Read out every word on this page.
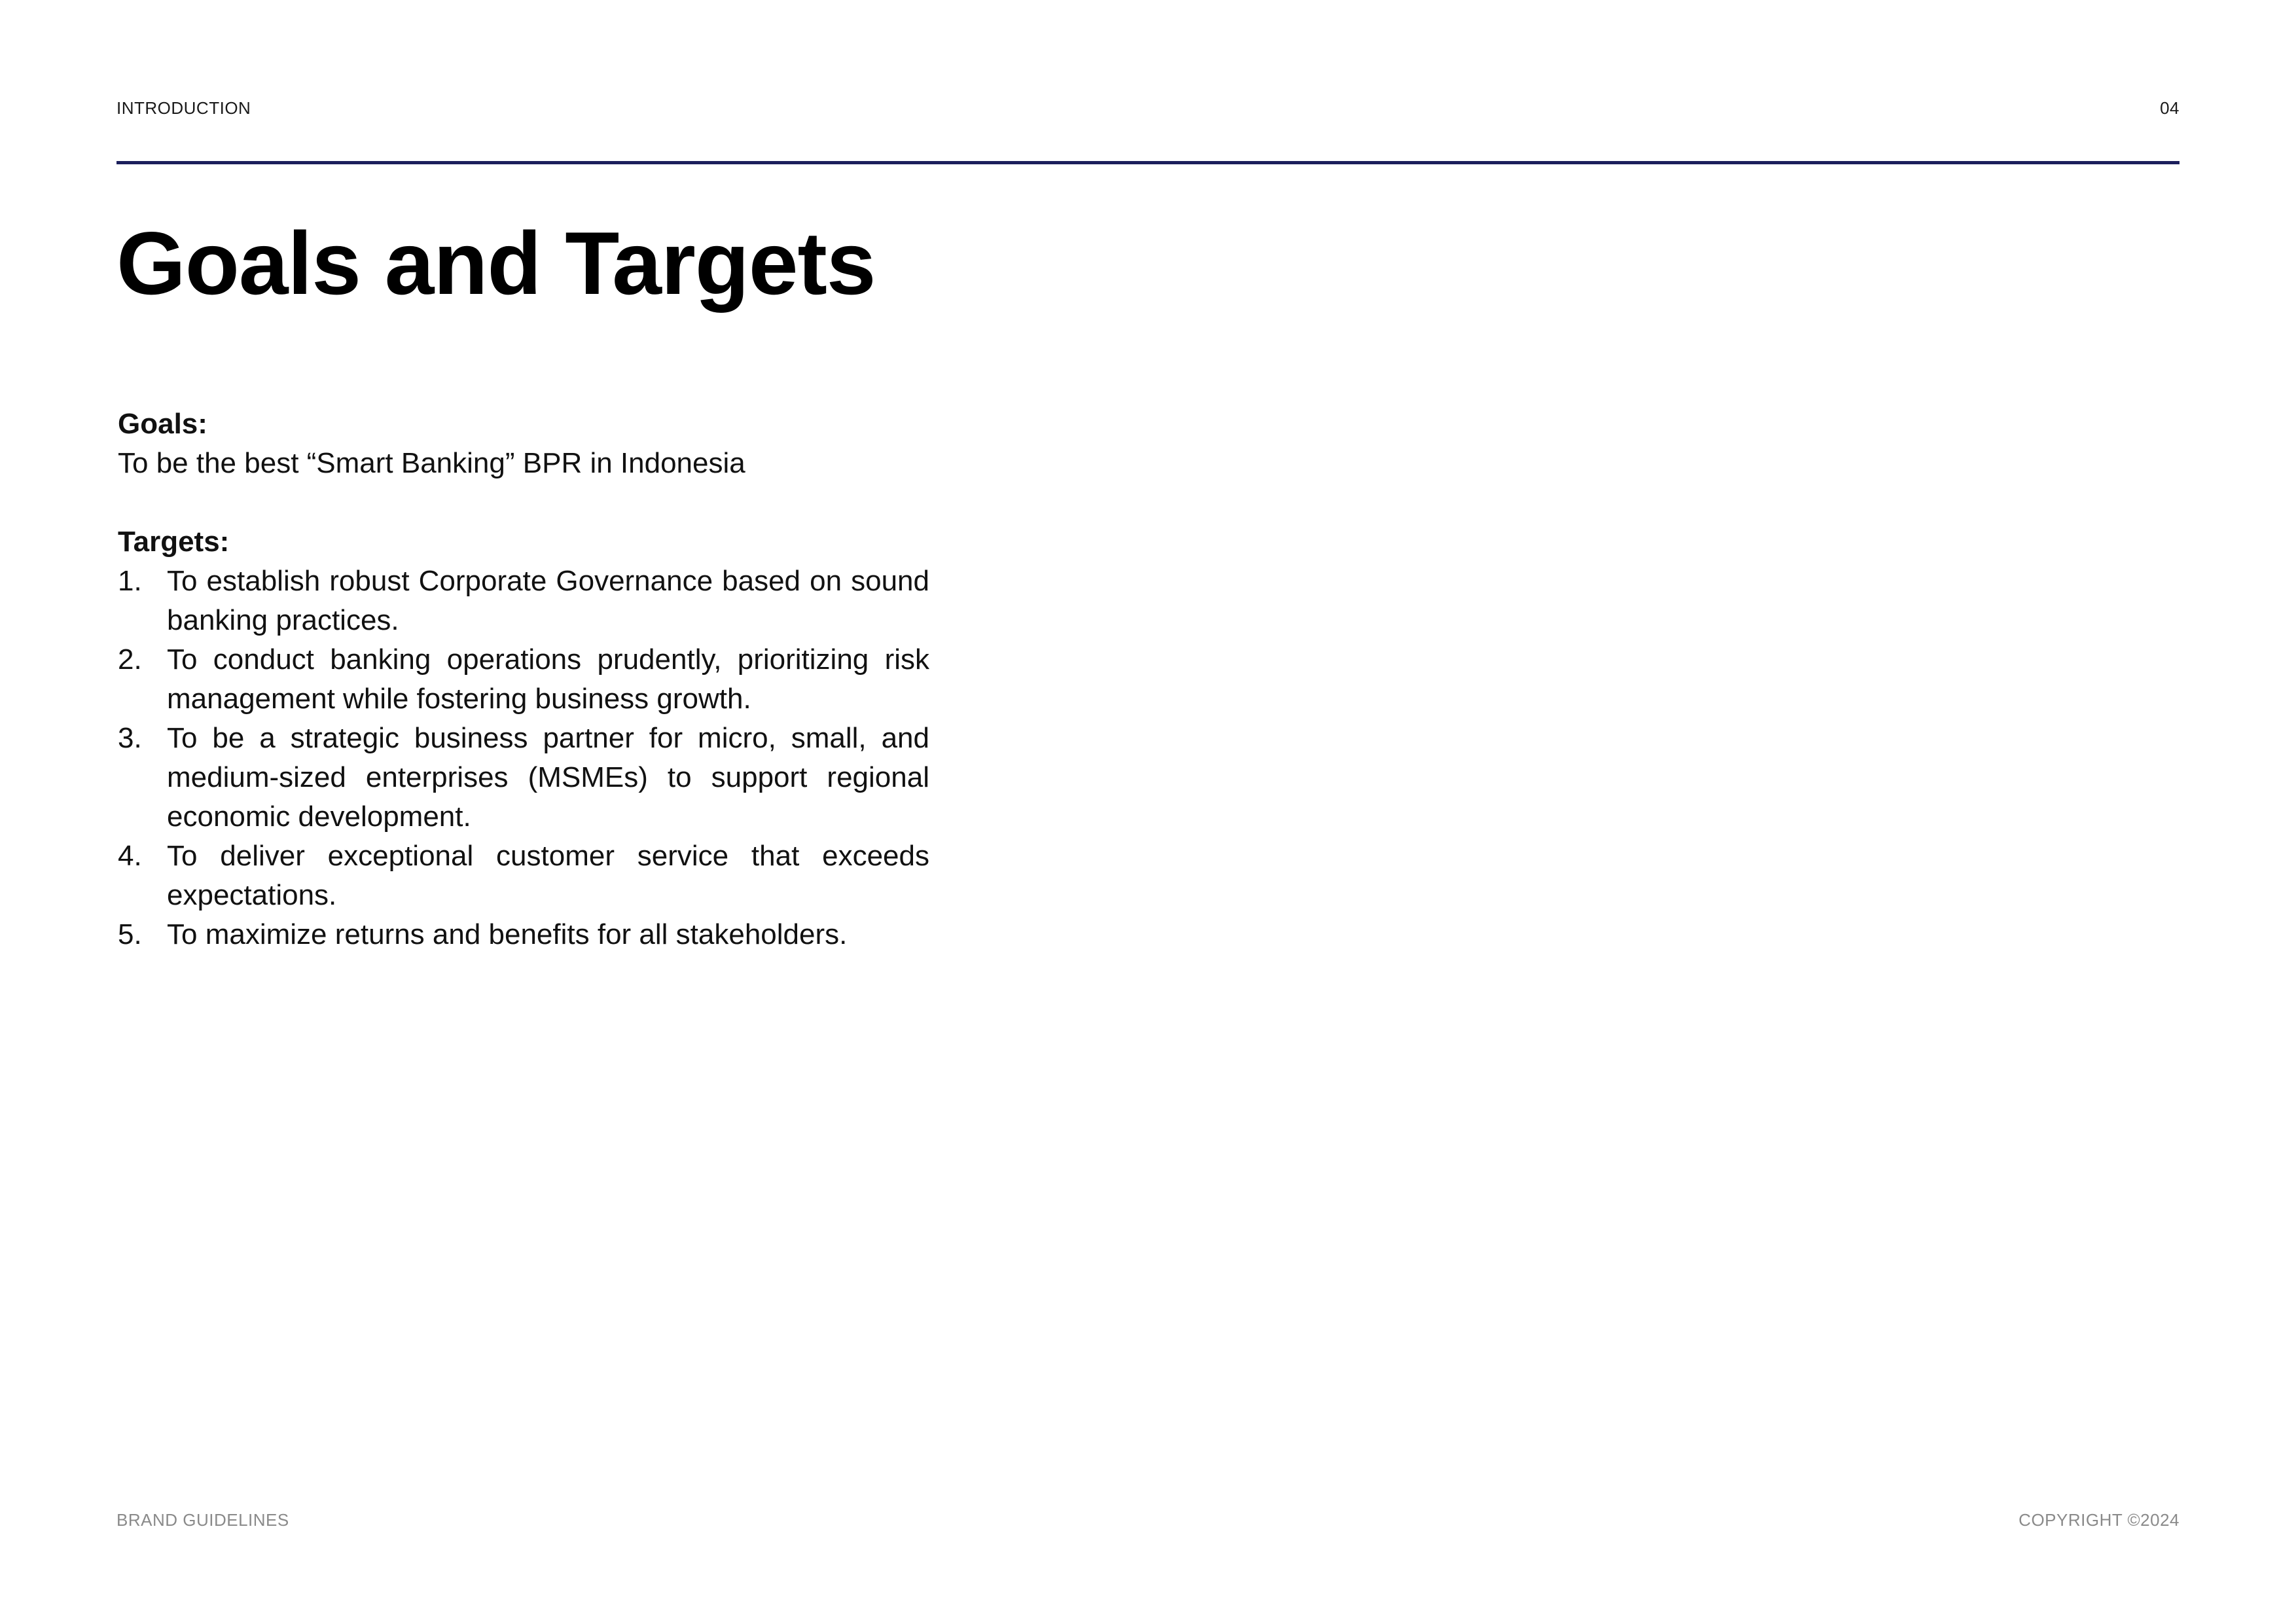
INTRODUCTION	04
Goals and Targets
Goals:
To be the best “Smart Banking” BPR in Indonesia
Targets:
1. To establish robust Corporate Governance based on sound banking practices.
2. To conduct banking operations prudently, prioritizing risk management while fostering business growth.
3. To be a strategic business partner for micro, small, and medium-sized enterprises (MSMEs) to support regional economic development.
4. To deliver exceptional customer service that exceeds expectations.
5. To maximize returns and benefits for all stakeholders.
BRAND GUIDELINES	COPYRIGHT ©2024
